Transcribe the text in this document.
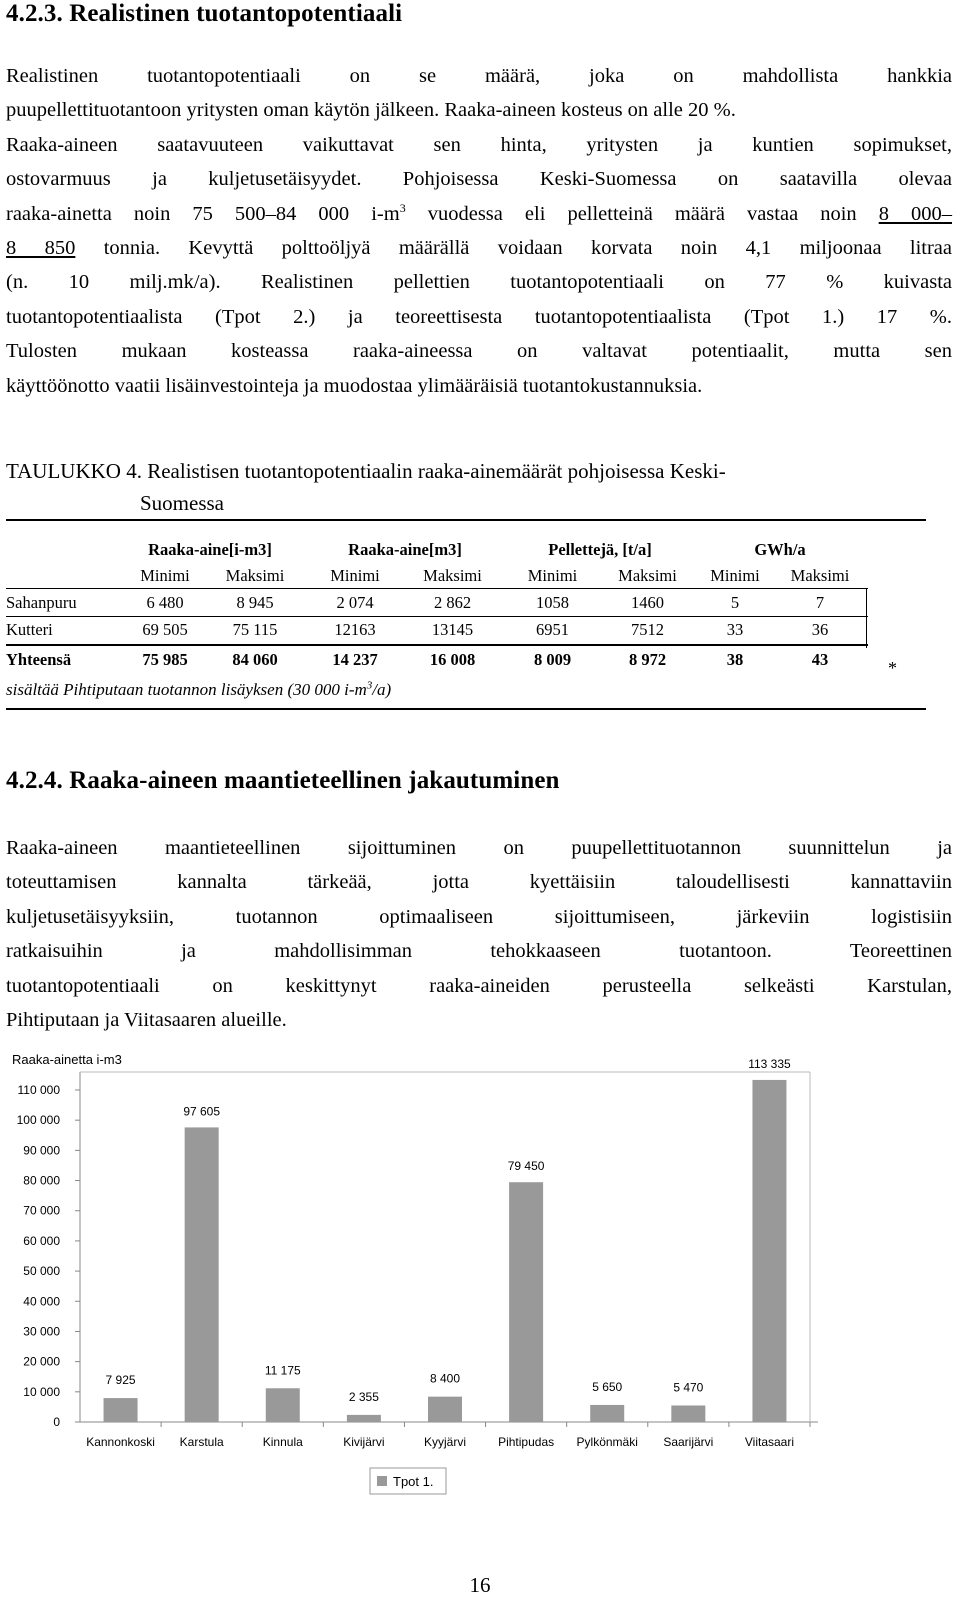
4.2.3. Realistinen tuotantopotentiaali
Realistinen tuotantopotentiaali on se määrä, joka on mahdollista hankkia
puupellettituotantoon yritysten oman käytön jälkeen. Raaka-aineen kosteus on alle 20 %.
Raaka-aineen saatavuuteen vaikuttavat sen hinta, yritysten ja kuntien sopimukset,
ostovarmuus ja kuljetusetäisyydet. Pohjoisessa Keski-Suomessa on saatavilla olevaa
raaka-ainetta noin 75 500–84 000 $i-m^3$ vuodessa eli pelletteinä määrä vastaa noin 8 000–
8 850 tonnia. Kevyttä polttoöljyä määrällä voidaan korvata noin 4,1 miljoonaa litraa
(n. 10 milj.mk/a). Realistinen pellettien tuotantopotentiaali on 77 % kuivasta
tuotantopotentiaalista (Tpot 2.) ja teoreettisesta tuotantopotentiaalista (Tpot 1.) 17 %.
Tulosten mukaan kosteassa raaka-aineessa on valtavat potentiaalit, mutta sen
käyttöönotto vaatii lisäinvestointeja ja muodostaa ylimääräisiä tuotantokustannuksia.
TAULUKKO 4. Realistisen tuotantopotentiaalin raaka-ainemäärät pohjoisessa Keski-
Suomessa
Raaka-aine[i-m3]	Raaka-aine[m3]	Pellettejä, [t/a]	GWh/a
Minimi	Maksimi	Minimi	Maksimi	Minimi	Maksimi	Minimi	Maksimi
Sahanpuru	6 480	8 945	2 074	2 862	1058	1460	5	7
Kutteri	69 505	75 115	12163	13145	6951	7512	33	36
Yhteensä	75 985	84 060	14 237	16 008	8 009	8 972	38	43	*
sisältää Pihtiputaan tuotannon lisäyksen (30 000 $i-m^3/a$)
4.2.4. Raaka-aineen maantieteellinen jakautuminen
Raaka-aineen maantieteellinen sijoittuminen on puupellettituotannon suunnittelun ja
toteuttamisen kannalta tärkeää, jotta kyettäisiin taloudellisesti kannattaviin
kuljetusetäisyyksiin, tuotannon optimaaliseen sijoittumiseen, järkeviin logistisiin
ratkaisuihin ja mahdollisimman tehokkaaseen tuotantoon. Teoreettinen
tuotantopotentiaali on keskittynyt raaka-aineiden perusteella selkeästi Karstulan,
Pihtiputaan ja Viitasaaren alueille.
Raaka-ainetta i-m3
0
10 000
20 000
30 000
40 000
50 000
60 000
70 000
80 000
90 000
100 000
110 000
7 925
97 605
11 175
2 355
8 400
79 450
5 650	5 470
113 335
Kannonkoski Karstula	Kinnula	Kivijärvi	Kyyjärvi	Pihtipudas Pylkönmäki Saarijärvi	Viitasaari
Tpot 1.
16
